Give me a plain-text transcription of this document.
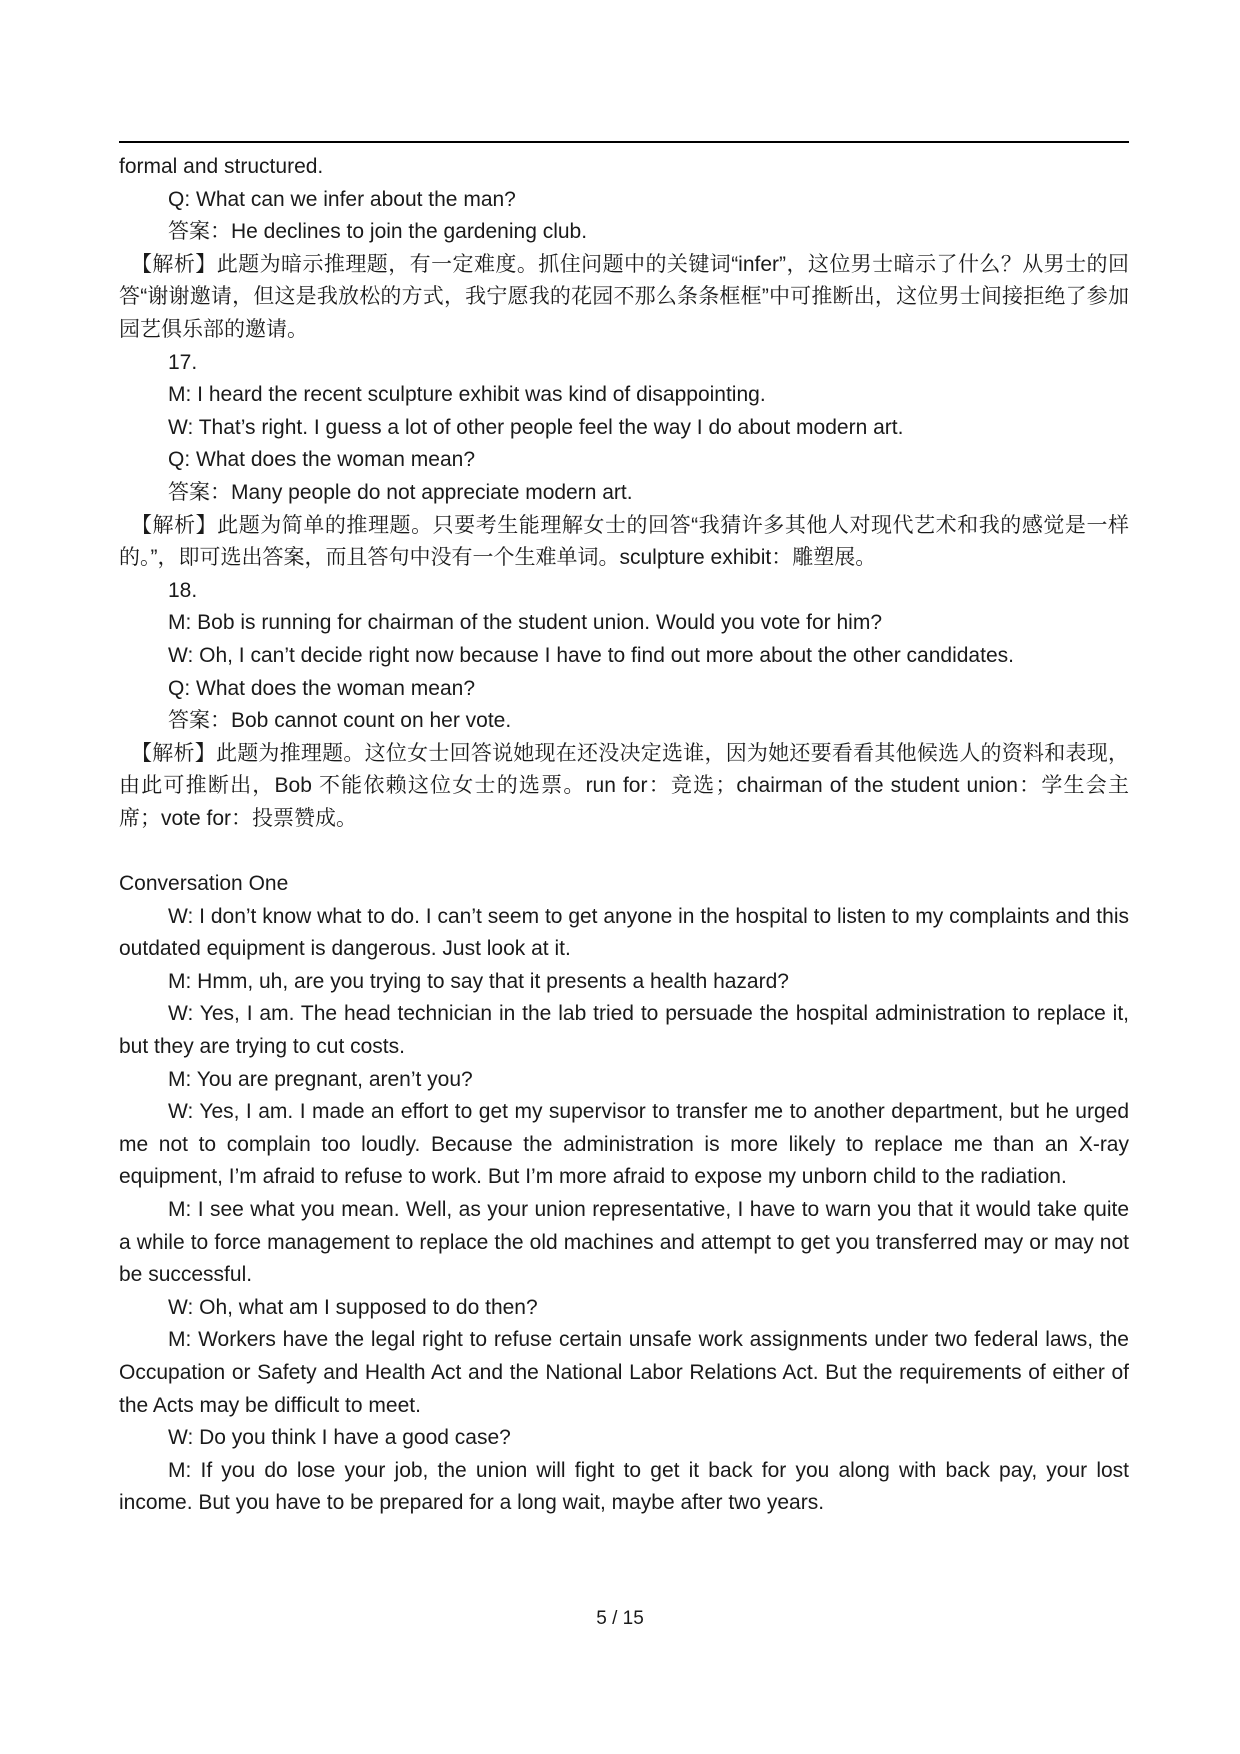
formal and structured.

Q: What can we infer about the man?

答案：He declines to join the gardening club.

【解析】此题为暗示推理题，有一定难度。抓住问题中的关键词“infer”，这位男士暗示了什么？从男士的回答“谢谢邀请，但这是我放松的方式，我宁愿我的花园不那么条条框框”中可推断出，这位男士间接拒绝了参加园艺俱乐部的邀请。

17.

M: I heard the recent sculpture exhibit was kind of disappointing.

W: That’s right. I guess a lot of other people feel the way I do about modern art.

Q: What does the woman mean?

答案：Many people do not appreciate modern art.

【解析】此题为简单的推理题。只要考生能理解女士的回答“我猜许多其他人对现代艺术和我的感觉是一样的。”，即可选出答案，而且答句中没有一个生难单词。sculpture exhibit：雕塑展。

18.

M: Bob is running for chairman of the student union. Would you vote for him?

W: Oh, I can’t decide right now because I have to find out more about the other candidates.

Q: What does the woman mean?

答案：Bob cannot count on her vote.

【解析】此题为推理题。这位女士回答说她现在还没决定选谁，因为她还要看看其他候选人的资料和表现，由此可推断出，Bob 不能依赖这位女士的选票。run for：竞选；chairman of the student union：学生会主席；vote for：投票赞成。

Conversation One

W: I don’t know what to do. I can’t seem to get anyone in the hospital to listen to my complaints and this outdated equipment is dangerous. Just look at it.

M: Hmm, uh, are you trying to say that it presents a health hazard?

W: Yes, I am. The head technician in the lab tried to persuade the hospital administration to replace it, but they are trying to cut costs.

M: You are pregnant, aren’t you?

W: Yes, I am. I made an effort to get my supervisor to transfer me to another department, but he urged me not to complain too loudly. Because the administration is more likely to replace me than an X-ray equipment, I’m afraid to refuse to work. But I’m more afraid to expose my unborn child to the radiation.

M: I see what you mean. Well, as your union representative, I have to warn you that it would take quite a while to force management to replace the old machines and attempt to get you transferred may or may not be successful.

W: Oh, what am I supposed to do then?

M: Workers have the legal right to refuse certain unsafe work assignments under two federal laws, the Occupation or Safety and Health Act and the National Labor Relations Act. But the requirements of either of the Acts may be difficult to meet.

W: Do you think I have a good case?

M: If you do lose your job, the union will fight to get it back for you along with back pay, your lost income. But you have to be prepared for a long wait, maybe after two years.

5 / 15
